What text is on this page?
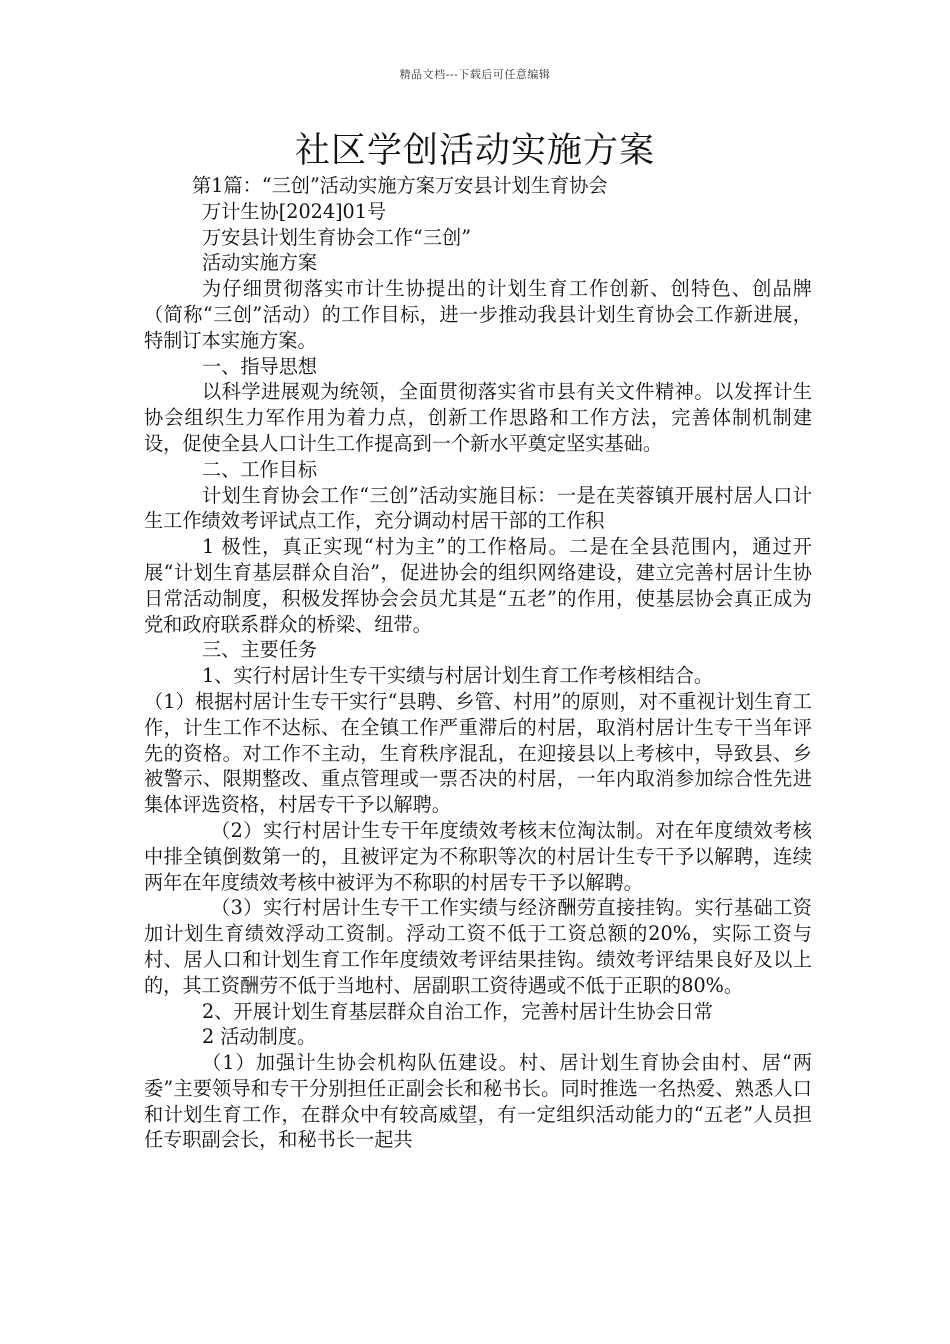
精品文档---下载后可任意编辑
社区学创活动实施方案

第1篇：“三创”活动实施方案万安县计划生育协会

万计生协[2024]01号

万安县计划生育协会工作“三创”

活动实施方案

为仔细贯彻落实市计生协提出的计划生育工作创新、创特色、创品牌（简称“三创”活动）的工作目标，进一步推动我县计划生育协会工作新进展，特制订本实施方案。

一、指导思想

以科学进展观为统领，全面贯彻落实省市县有关文件精神。以发挥计生协会组织生力军作用为着力点，创新工作思路和工作方法，完善体制机制建设，促使全县人口计生工作提高到一个新水平奠定坚实基础。

二、工作目标

计划生育协会工作“三创”活动实施目标：一是在芙蓉镇开展村居人口计生工作绩效考评试点工作，充分调动村居干部的工作积

1 极性，真正实现“村为主”的工作格局。二是在全县范围内，通过开展“计划生育基层群众自治”，促进协会的组织网络建设，建立完善村居计生协日常活动制度，积极发挥协会会员尤其是“五老”的作用，使基层协会真正成为党和政府联系群众的桥梁、纽带。

三、主要任务

1、实行村居计生专干实绩与村居计划生育工作考核相结合。

（1）根据村居计生专干实行“县聘、乡管、村用”的原则，对不重视计划生育工作，计生工作不达标、在全镇工作严重滞后的村居，取消村居计生专干当年评先的资格。对工作不主动，生育秩序混乱，在迎接县以上考核中，导致县、乡被警示、限期整改、重点管理或一票否决的村居，一年内取消参加综合性先进集体评选资格，村居专干予以解聘。

（2）实行村居计生专干年度绩效考核末位淘汰制。对在年度绩效考核中排全镇倒数第一的，且被评定为不称职等次的村居计生专干予以解聘，连续两年在年度绩效考核中被评为不称职的村居专干予以解聘。

（3）实行村居计生专干工作实绩与经济酬劳直接挂钩。实行基础工资加计划生育绩效浮动工资制。浮动工资不低于工资总额的20%，实际工资与村、居人口和计划生育工作年度绩效考评结果挂钩。绩效考评结果良好及以上的，其工资酬劳不低于当地村、居副职工资待遇或不低于正职的80%。

2、开展计划生育基层群众自治工作，完善村居计生协会日常

2 活动制度。

（1）加强计生协会机构队伍建设。村、居计划生育协会由村、居“两委”主要领导和专干分别担任正副会长和秘书长。同时推选一名热爱、熟悉人口和计划生育工作，在群众中有较高威望，有一定组织活动能力的“五老”人员担任专职副会长，和秘书长一起共
